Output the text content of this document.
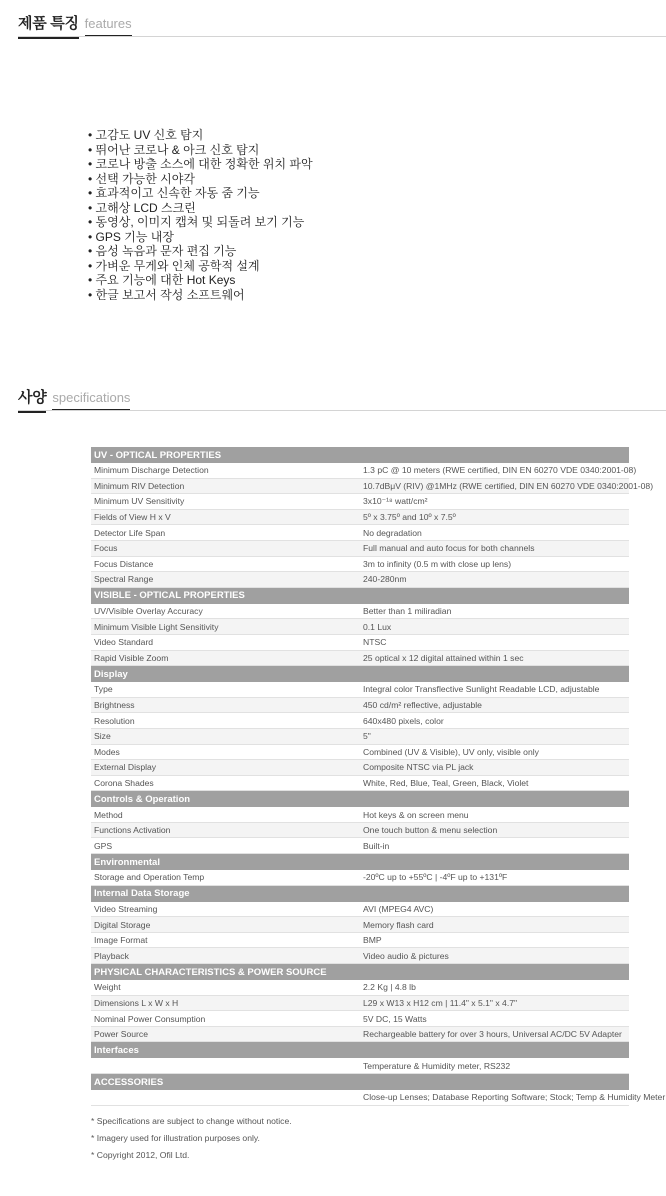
제품 특징 features
• 고감도 UV 신호 탐지
• 뛰어난 코로나 & 아크 신호 탐지
• 코로나 방출 소스에 대한 정확한 위치 파악
• 선택 가능한 시야각
• 효과적이고 신속한 자동 줌 기능
• 고해상 LCD 스크린
• 동영상, 이미지 캡쳐 및 되돌려 보기 기능
• GPS 기능 내장
• 음성 녹음과 문자 편집 기능
• 가벼운 무게와 인체 공학적 설계
• 주요 기능에 대한 Hot Keys
• 한글 보고서 작성 소프트웨어
사양 specifications
UV - OPTICAL PROPERTIES	
Minimum Discharge Detection	1.3 pC @ 10 meters (RWE certified, DIN EN 60270 VDE 0340:2001-08)
Minimum RIV Detection	10.7dBμV (RIV) @1MHz (RWE certified, DIN EN 60270 VDE 0340:2001-08)
Minimum UV Sensitivity	3x10⁻¹⁸ watt/cm²
Fields of View H x V	5º x 3.75º and 10º x 7.5º
Detector Life Span	No degradation
Focus	Full manual and auto focus for both channels
Focus Distance	3m to infinity (0.5 m with close up lens)
Spectral Range	240-280nm
VISIBLE - OPTICAL PROPERTIES	
UV/Visible Overlay Accuracy	Better than 1 miliradian
Minimum Visible Light Sensitivity	0.1 Lux
Video Standard	NTSC
Rapid Visible Zoom	25 optical x 12 digital attained within 1 sec
Display	
Type	Integral color Transflective Sunlight Readable LCD, adjustable
Brightness	450 cd/m² reflective, adjustable
Resolution	640x480 pixels, color
Size	5"
Modes	Combined (UV & Visible), UV only, visible only
External Display	Composite NTSC via PL jack
Corona Shades	White, Red, Blue, Teal, Green, Black, Violet
Controls & Operation	
Method	Hot keys & on screen menu
Functions Activation	One touch button & menu selection
GPS	Built-in
Environmental	
Storage and Operation Temp	-20ºC up to +55ºC | -4ºF up to +131ºF
Internal Data Storage	
Video Streaming	AVI (MPEG4 AVC)
Digital Storage	Memory flash card
Image Format	BMP
Playback	Video audio & pictures
PHYSICAL CHARACTERISTICS & POWER SOURCE	
Weight	2.2 Kg | 4.8 lb
Dimensions L x W x H	L29 x W13 x H12 cm | 11.4" x 5.1" x 4.7"
Nominal Power Consumption	5V DC, 15 Watts
Power Source	Rechargeable battery for over 3 hours, Universal AC/DC 5V Adapter
Interfaces	
	Temperature & Humidity meter, RS232
ACCESSORIES	
	Close-up Lenses; Database Reporting Software; Stock; Temp & Humidity Meter
* Specifications are subject to change without notice.
* Imagery used for illustration purposes only.
* Copyright 2012, Ofil Ltd.
